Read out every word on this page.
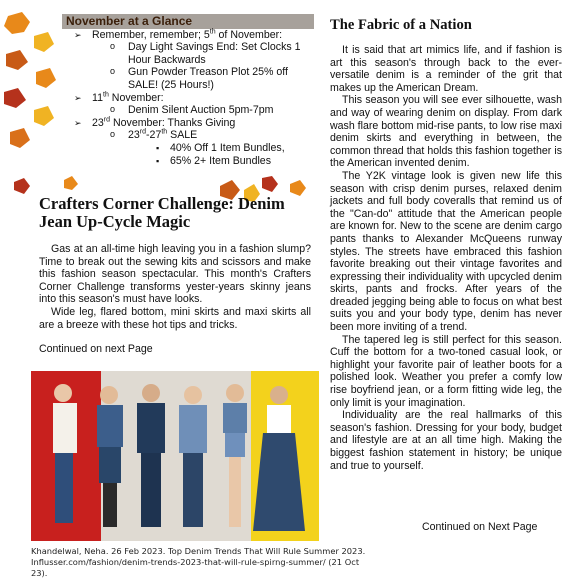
November at a Glance
➢ Remember, remember; 5th of November:
o Day Light Savings End: Set Clocks 1 Hour Backwards
o Gun Powder Treason Plot 25% off SALE! (25 Hours!)
➢ 11th November:
o Denim Silent Auction 5pm-7pm
➢ 23rd November: Thanks Giving
o 23rd-27th SALE
▪ 40% Off 1 Item Bundles,
▪ 65% 2+ Item Bundles
Crafters Corner Challenge: Denim Jean Up-Cycle Magic

Gas at an all-time high leaving you in a fashion slump? Time to break out the sewing kits and scissors and make this fashion season spectacular. This month's Crafters Corner Challenge transforms yester-years skinny jeans into this season's must have looks.

Wide leg, flared bottom, mini skirts and maxi skirts all are a breeze with these hot tips and tricks.

Continued on next Page
Khandelwal, Neha. 26 Feb 2023. Top Denim Trends That Will Rule Summer 2023.
Influsser.com/fashion/denim-trends-2023-that-will-rule-spirng-summer/ (21 Oct 23).
The Fabric of a Nation

It is said that art mimics life, and if fashion is art this season's through back to the ever-versatile denim is a reminder of the grit that makes up the American Dream.

This season you will see ever silhouette, wash and way of wearing denim on display. From dark wash flare bottom mid-rise pants, to low rise maxi denim skirts and everything in between, the common thread that holds this fashion together is the American invented denim.

The Y2K vintage look is given new life this season with crisp denim purses, relaxed denim jackets and full body coveralls that remind us of the "Can-do" attitude that the American people are known for. New to the scene are denim cargo pants thanks to Alexander McQueens runway styles. The streets have embraced this fashion favorite breaking out their vintage favorites and expressing their individuality with upcycled denim skirts, pants and frocks. After years of the dreaded jegging being able to focus on what best suits you and your body type, denim has never been more inviting of a trend.

The tapered leg is still perfect for this season. Cuff the bottom for a two-toned casual look, or highlight your favorite pair of leather boots for a polished look. Weather you prefer a comfy low rise boyfriend jean, or a form fitting wide leg, the only limit is your imagination.

Individuality are the real hallmarks of this season's fashion. Dressing for your body, budget and lifestyle are at an all time high. Making the biggest fashion statement in history; be unique and true to yourself.

Continued on Next Page
